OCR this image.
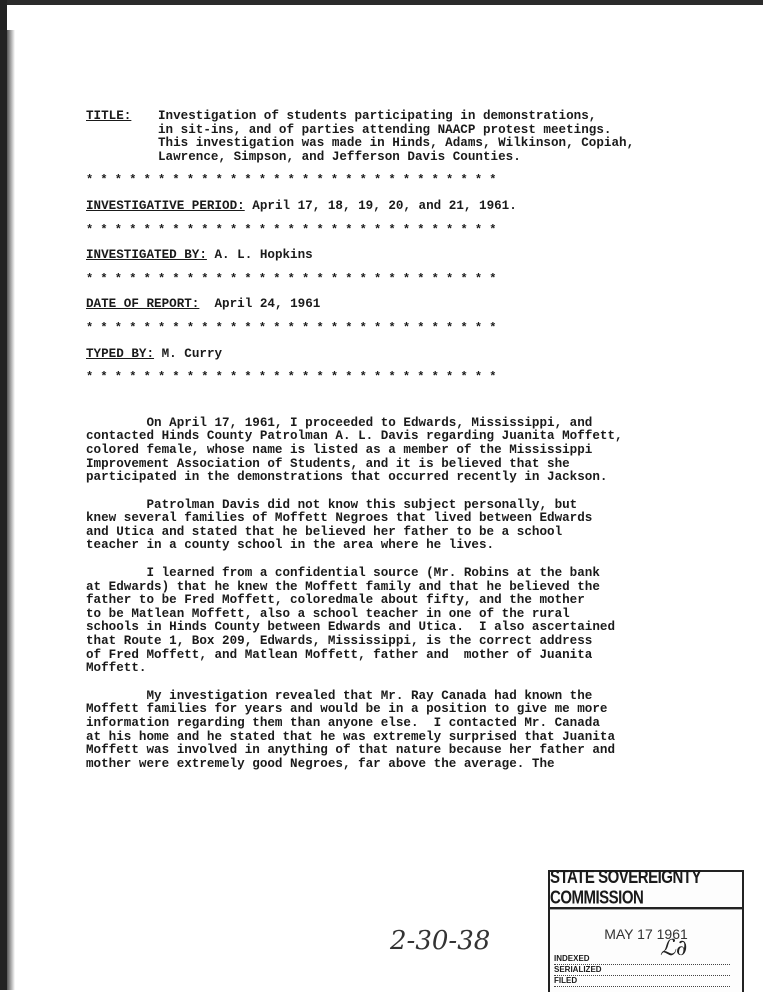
TITLE:	Investigation of students participating in demonstrations,
in sit-ins, and of parties attending NAACP protest meetings.
This investigation was made in Hinds, Adams, Wilkinson, Copiah,
Lawrence, Simpson, and Jefferson Davis Counties.
* * * * * * * * * * * * * * * * * * * * * * * * * * * * *
INVESTIGATIVE PERIOD: April 17, 18, 19, 20, and 21, 1961.
* * * * * * * * * * * * * * * * * * * * * * * * * * * * *
INVESTIGATED BY: A. L. Hopkins
* * * * * * * * * * * * * * * * * * * * * * * * * * * * *
DATE OF REPORT: April 24, 1961
* * * * * * * * * * * * * * * * * * * * * * * * * * * * *
TYPED BY: M. Curry
* * * * * * * * * * * * * * * * * * * * * * * * * * * * *
On April 17, 1961, I proceeded to Edwards, Mississippi, and
contacted Hinds County Patrolman A. L. Davis regarding Juanita Moffett,
colored female, whose name is listed as a member of the Mississippi
Improvement Association of Students, and it is believed that she
participated in the demonstrations that occurred recently in Jackson.
Patrolman Davis did not know this subject personally, but
knew several families of Moffett Negroes that lived between Edwards
and Utica and stated that he believed her father to be a school
teacher in a county school in the area where he lives.
I learned from a confidential source (Mr. Robins at the bank
at Edwards) that he knew the Moffett family and that he believed the
father to be Fred Moffett, coloredmale about fifty, and the mother
to be Matlean Moffett, also a school teacher in one of the rural
schools in Hinds County between Edwards and Utica.  I also ascertained
that Route 1, Box 209, Edwards, Mississippi, is the correct address
of Fred Moffett, and Matlean Moffett, father and  mother of Juanita
Moffett.
My investigation revealed that Mr. Ray Canada had known the
Moffett families for years and would be in a position to give me more
information regarding them than anyone else.  I contacted Mr. Canada
at his home and he stated that he was extremely surprised that Juanita
Moffett was involved in anything of that nature because her father and
mother were extremely good Negroes, far above the average. The
2-30-38
STATE SOVEREIGNTY COMMISSION
MAY 17 1961
ℒ∂
INDEXED
SERIALIZED
FILED
